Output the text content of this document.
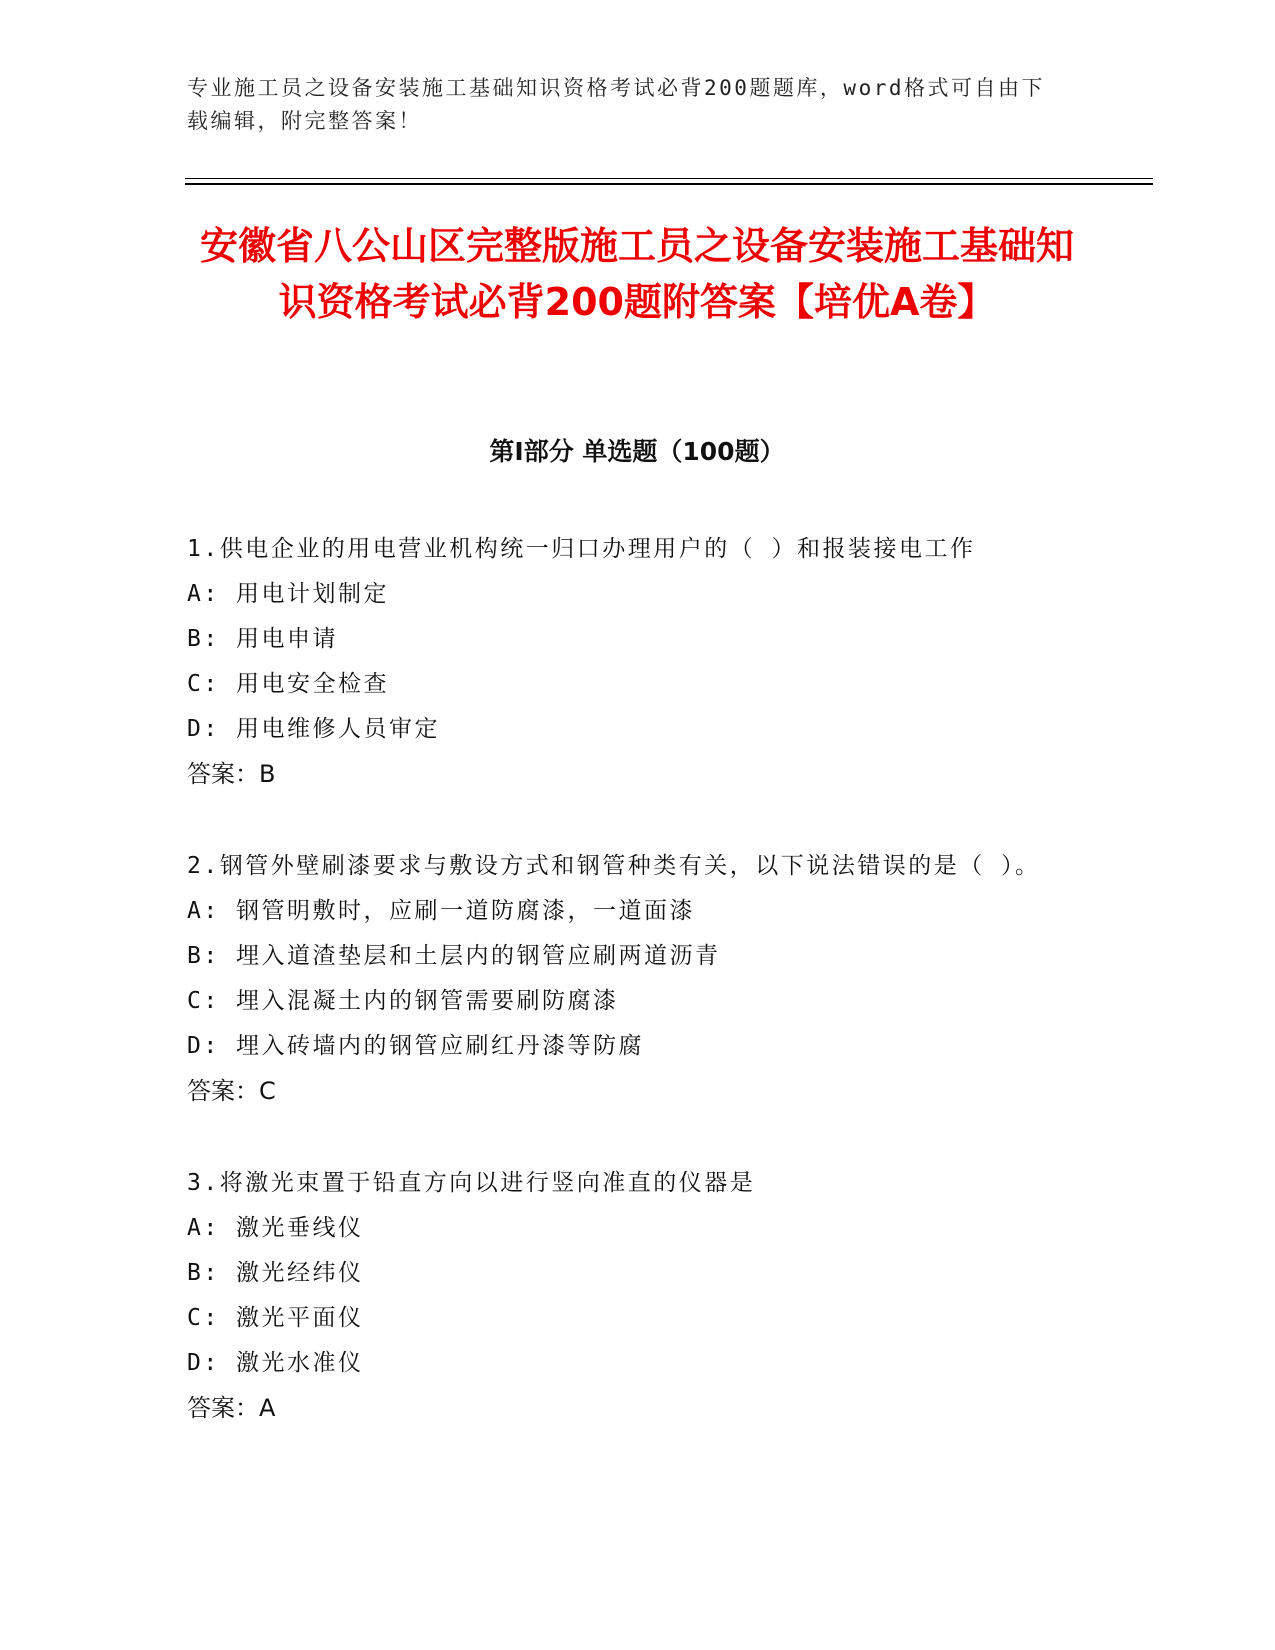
专业施工员之设备安装施工基础知识资格考试必背200题题库，word格式可自由下载编辑，附完整答案！
安徽省八公山区完整版施工员之设备安装施工基础知识资格考试必背200题附答案【培优A卷】
第Ⅰ部分 单选题（100题）
1.供电企业的用电营业机构统一归口办理用户的（ ）和报装接电工作
A: 用电计划制定
B: 用电申请
C: 用电安全检查
D: 用电维修人员审定
答案：B
2.钢管外壁刷漆要求与敷设方式和钢管种类有关，以下说法错误的是（ ）。
A: 钢管明敷时，应刷一道防腐漆，一道面漆
B: 埋入道渣垫层和土层内的钢管应刷两道沥青
C: 埋入混凝土内的钢管需要刷防腐漆
D: 埋入砖墙内的钢管应刷红丹漆等防腐
答案：C
3.将激光束置于铅直方向以进行竖向准直的仪器是
A: 激光垂线仪
B: 激光经纬仪
C: 激光平面仪
D: 激光水准仪
答案：A
